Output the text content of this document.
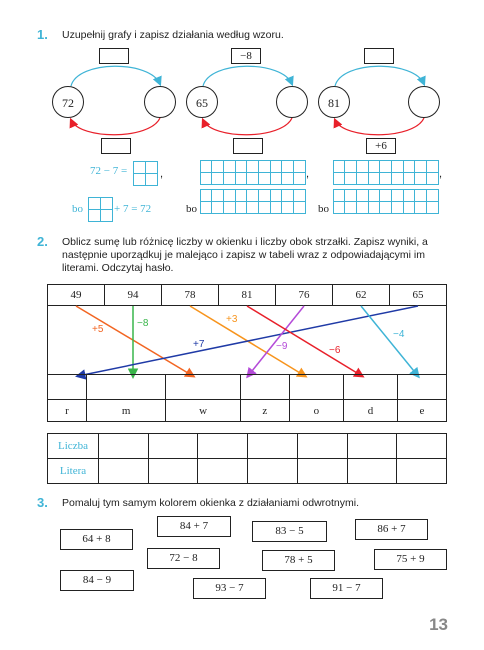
1. Uzupełnij grafy i zapisz działania według wzoru.
72
−8
65	81
+6
72 − 7 =	,
bo	+ 7 = 72
,
bo
,
bo
2. Oblicz sumę lub różnicę liczby w okienku i liczby obok strzałki. Zapisz wyniki, a następnie uporządkuj je malejąco i zapisz w tabeli wraz z odpowiadającymi im literami. Odczytaj hasło.
49	94	78	81	76	62	65
+5
−8	+3
+7	−9	−6
−4

r	m	w	z	o	d	e
Liczba							
Litera							
3. Pomaluj tym samym kolorem okienka z działaniami odwrotnymi.
64 + 8
84 + 7	83 − 5	86 + 7
72 − 8	78 + 5	75 + 9
84 − 9
93 − 7	91 − 7
13
